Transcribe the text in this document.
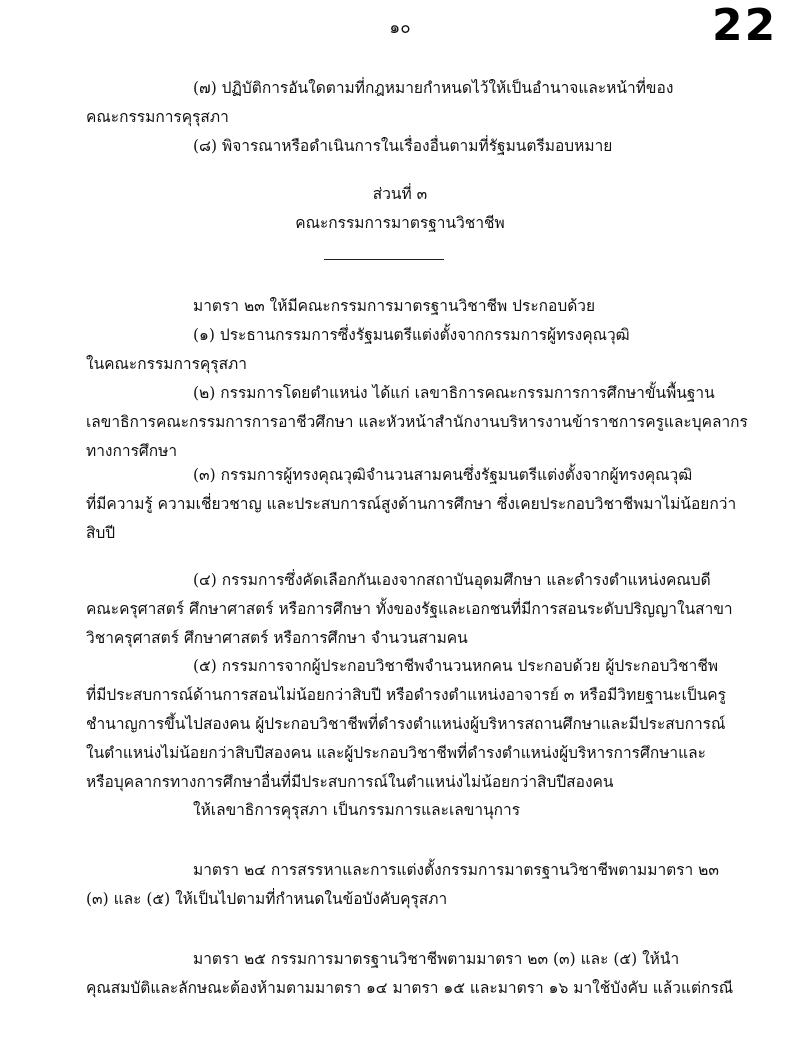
๑๐	22
(๗) ปฏิบัติการอันใดตามที่กฎหมายกำหนดไว้ให้เป็นอำนาจและหน้าที่ของ
คณะกรรมการคุรุสภา
(๘) พิจารณาหรือดำเนินการในเรื่องอื่นตามที่รัฐมนตรีมอบหมาย
ส่วนที่ ๓
คณะกรรมการมาตรฐานวิชาชีพ
มาตรา ๒๓ ให้มีคณะกรรมการมาตรฐานวิชาชีพ ประกอบด้วย
(๑) ประธานกรรมการซึ่งรัฐมนตรีแต่งตั้งจากกรรมการผู้ทรงคุณวุฒิ
ในคณะกรรมการคุรุสภา
(๒) กรรมการโดยตำแหน่ง ได้แก่ เลขาธิการคณะกรรมการการศึกษาขั้นพื้นฐาน
เลขาธิการคณะกรรมการการอาชีวศึกษา และหัวหน้าสำนักงานบริหารงานข้าราชการครูและบุคลากร
ทางการศึกษา
(๓) กรรมการผู้ทรงคุณวุฒิจำนวนสามคนซึ่งรัฐมนตรีแต่งตั้งจากผู้ทรงคุณวุฒิ
ที่มีความรู้ ความเชี่ยวชาญ และประสบการณ์สูงด้านการศึกษา ซึ่งเคยประกอบวิชาชีพมาไม่น้อยกว่า
สิบปี
(๔) กรรมการซึ่งคัดเลือกกันเองจากสถาบันอุดมศึกษา และดำรงตำแหน่งคณบดี
คณะครุศาสตร์ ศึกษาศาสตร์ หรือการศึกษา ทั้งของรัฐและเอกชนที่มีการสอนระดับปริญญาในสาขา
วิชาครุศาสตร์ ศึกษาศาสตร์ หรือการศึกษา จำนวนสามคน
(๕) กรรมการจากผู้ประกอบวิชาชีพจำนวนหกคน ประกอบด้วย ผู้ประกอบวิชาชีพ
ที่มีประสบการณ์ด้านการสอนไม่น้อยกว่าสิบปี หรือดำรงตำแหน่งอาจารย์ ๓ หรือมีวิทยฐานะเป็นครู
ชำนาญการขึ้นไปสองคน ผู้ประกอบวิชาชีพที่ดำรงตำแหน่งผู้บริหารสถานศึกษาและมีประสบการณ์
ในตำแหน่งไม่น้อยกว่าสิบปีสองคน และผู้ประกอบวิชาชีพที่ดำรงตำแหน่งผู้บริหารการศึกษาและ
หรือบุคลากรทางการศึกษาอื่นที่มีประสบการณ์ในตำแหน่งไม่น้อยกว่าสิบปีสองคน
ให้เลขาธิการคุรุสภา เป็นกรรมการและเลขานุการ
มาตรา ๒๔ การสรรหาและการแต่งตั้งกรรมการมาตรฐานวิชาชีพตามมาตรา ๒๓
(๓) และ (๕) ให้เป็นไปตามที่กำหนดในข้อบังคับคุรุสภา
มาตรา ๒๕ กรรมการมาตรฐานวิชาชีพตามมาตรา ๒๓ (๓) และ (๕) ให้นำ
คุณสมบัติและลักษณะต้องห้ามตามมาตรา ๑๔ มาตรา ๑๕ และมาตรา ๑๖ มาใช้บังคับ แล้วแต่กรณี
